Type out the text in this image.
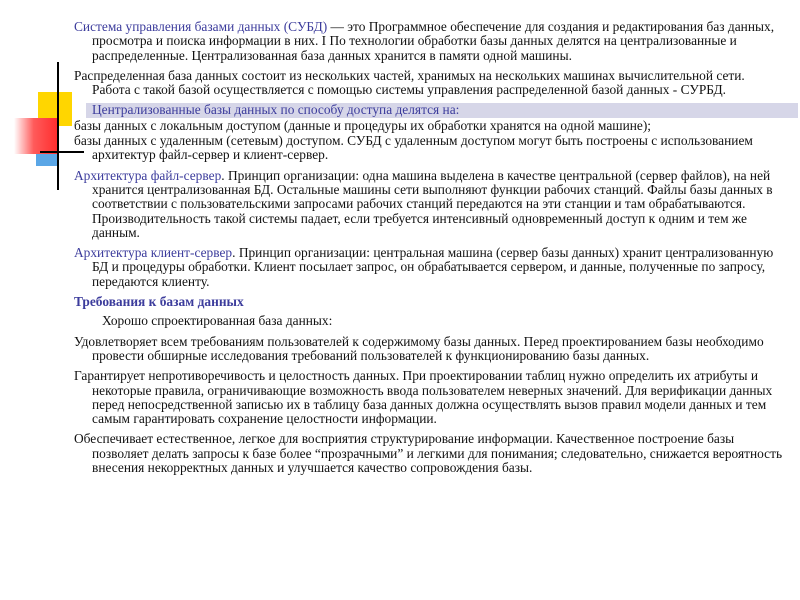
Система управления базами данных (СУБД) — это Программное обеспечение для создания и редактирования баз данных, просмотра и поиска информации в них. I По технологии обработки базы данных делятся на централизованные и распределенные. Централизованная база данных хранится в памяти одной машины.

Распределенная база данных состоит из нескольких частей, хранимых на нескольких машинах вычислительной сети. Работа с такой базой осуществляется с помощью системы управления распределенной базой данных - СУРБД.

Централизованные базы данных по способу доступа делятся на:

базы данных с локальным доступом (данные и процедуры их обработки хранятся на одной машине);

базы данных с удаленным (сетевым) доступом. СУБД с удаленным доступом могут быть построены с использованием архитектур файл-сервер и клиент-сервер.

Архитектура файл-сервер. Принцип организации: одна машина выделена в качестве центральной (сервер файлов), на ней хранится централизованная БД. Остальные машины сети выполняют функции рабочих станций. Файлы базы данных в соответствии с пользовательскими запросами рабочих станций передаются на эти станции и там обрабатываются. Производительность такой системы падает, если требуется интенсивный одновременный доступ к одним и тем же данным.

Архитектура клиент-сервер. Принцип организации: центральная машина (сервер базы данных) хранит централизованную БД и процедуры обработки. Клиент посылает запрос, он обрабатывается сервером, и данные, полученные по запросу, передаются клиенту.

Требования к базам данных

Хорошо спроектированная база данных:

Удовлетворяет всем требованиям пользователей к содержимому базы данных. Перед проектированием базы необходимо провести обширные исследования требований пользователей к функционированию базы данных.

Гарантирует непротиворечивость и целостность данных. При проектировании таблиц нужно определить их атрибуты и некоторые правила, ограничивающие возможность ввода пользователем неверных значений. Для верификации данных перед непосредственной записью их в таблицу база данных должна осуществлять вызов правил модели данных и тем самым гарантировать сохранение целостности информации.

Обеспечивает естественное, легкое для восприятия структурирование информации. Качественное построение базы позволяет делать запросы к базе более “прозрачными” и легкими для понимания; следовательно, снижается вероятность внесения некорректных данных и улучшается качество сопровождения базы.
